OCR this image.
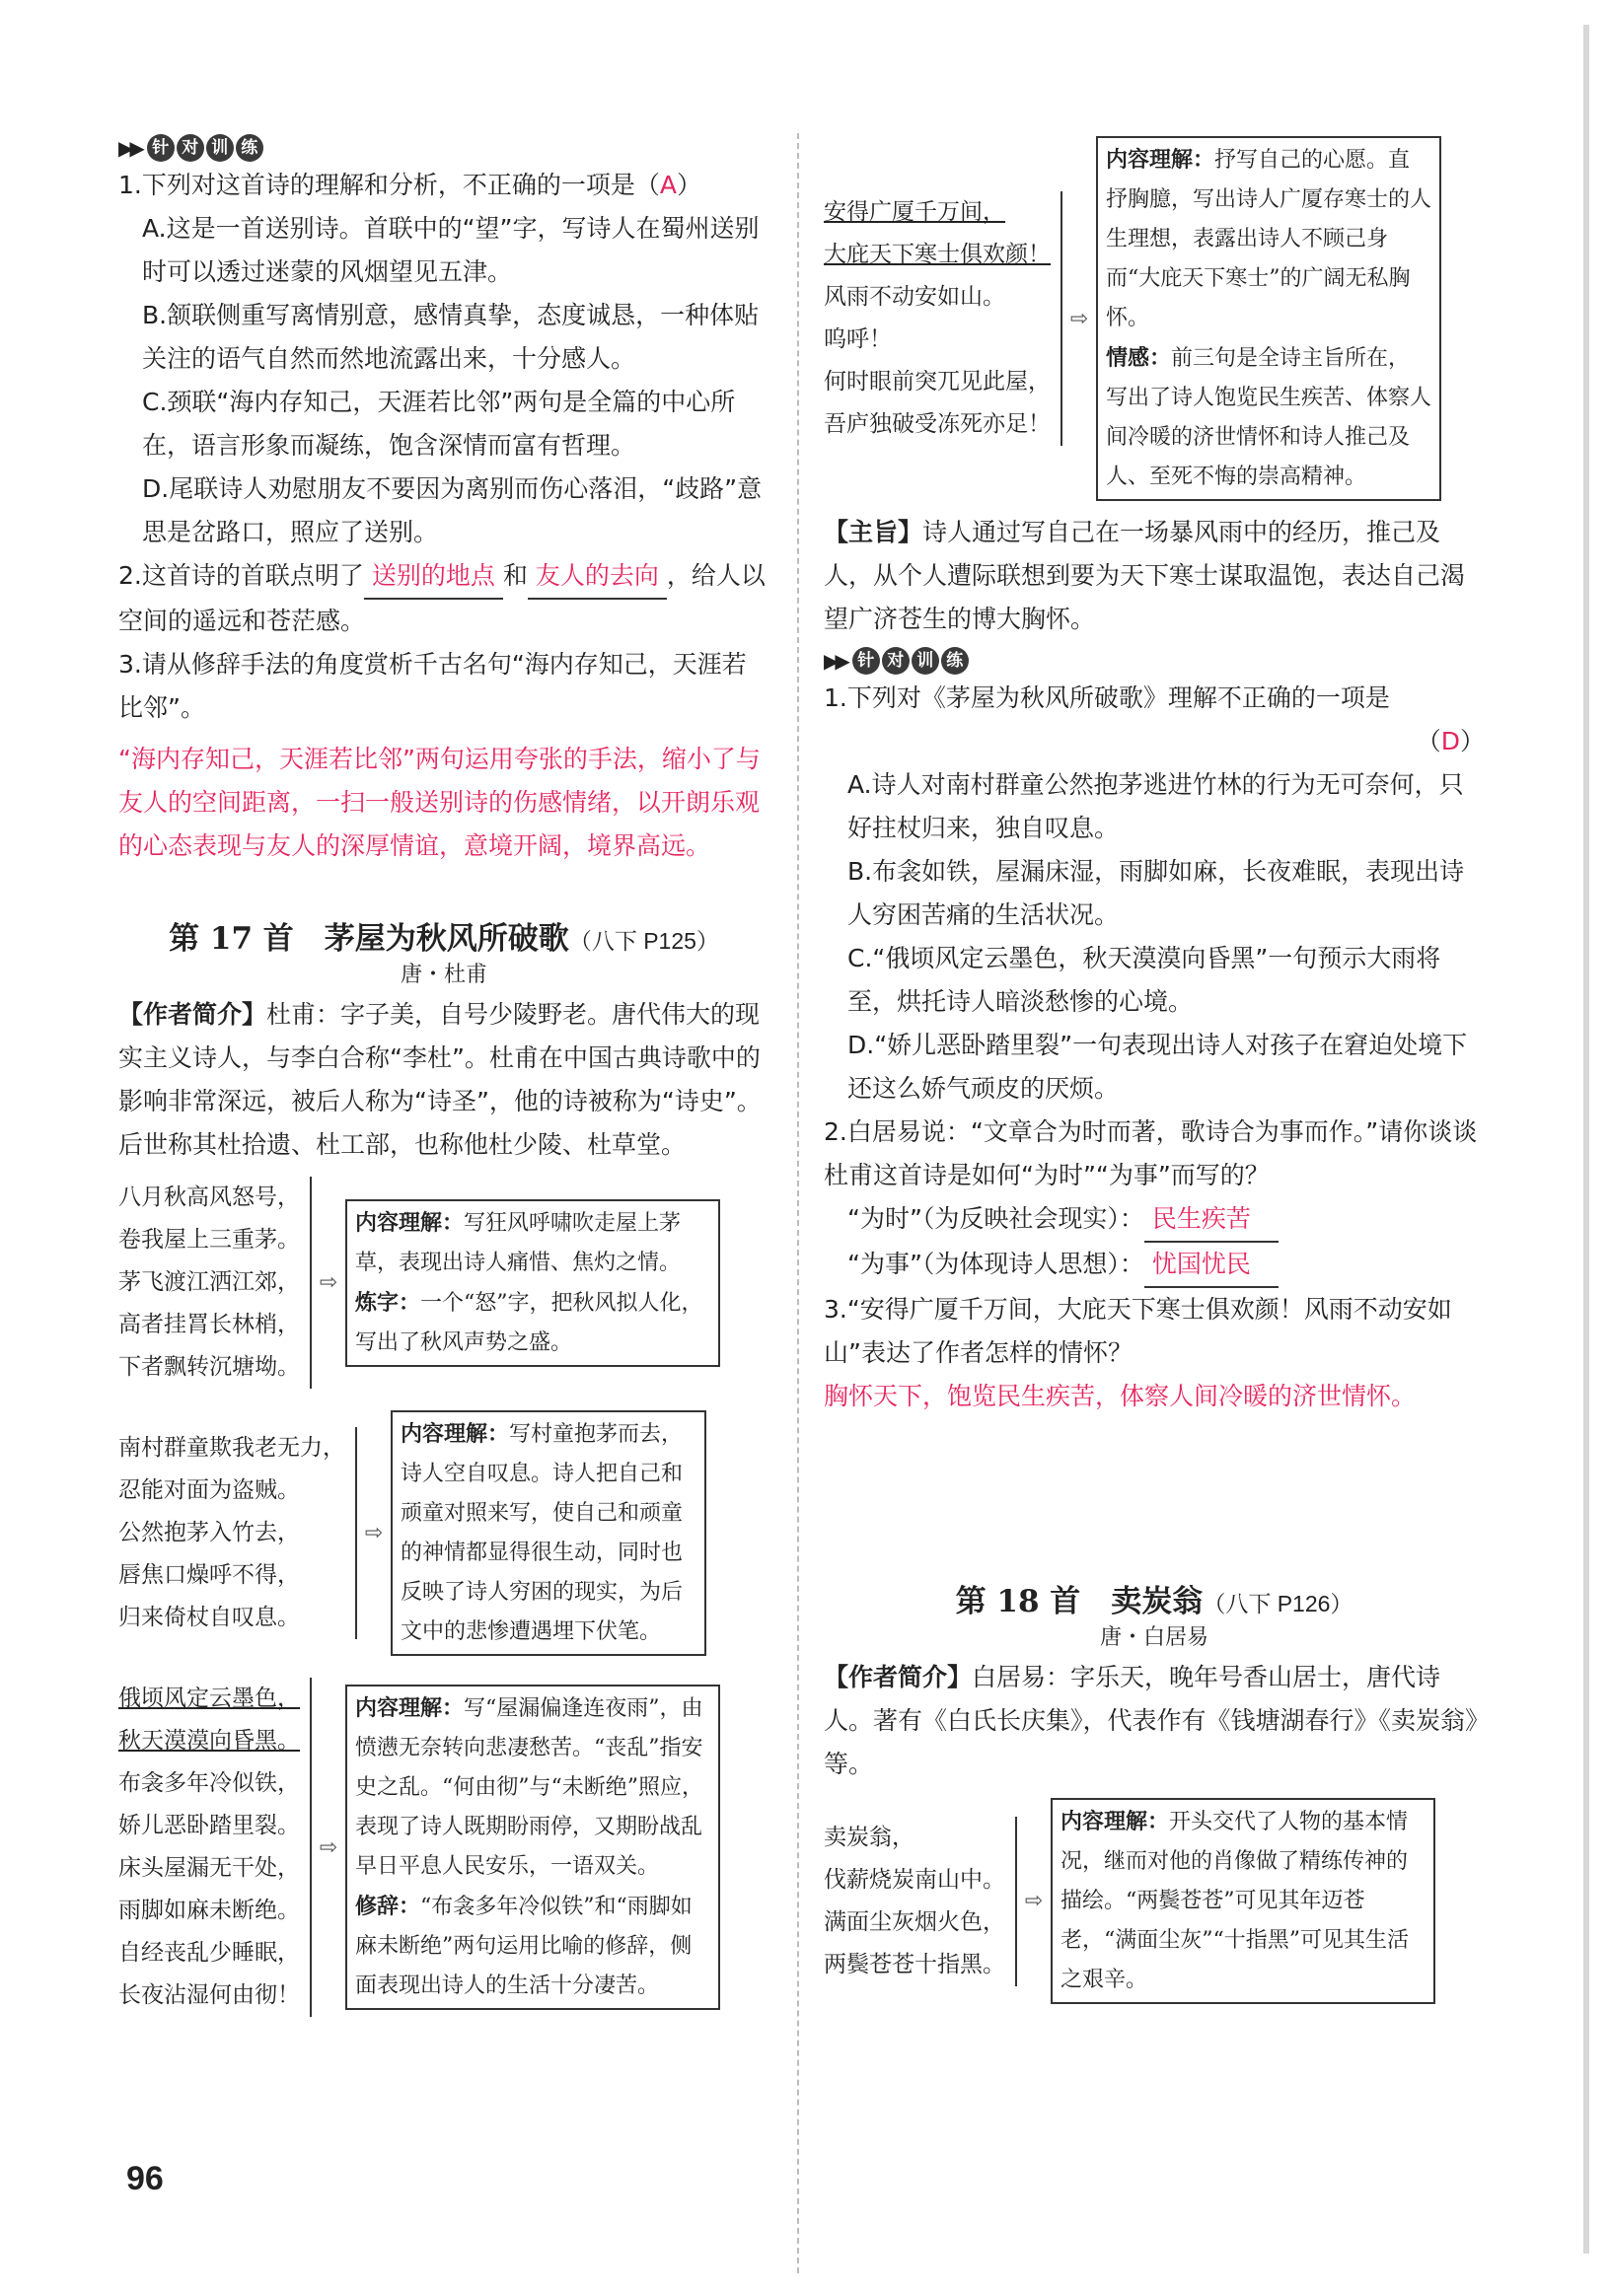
▶▶ 针 对 训 练

1.下列对这首诗的理解和分析，不正确的一项是（A）

A.这是一首送别诗。首联中的“望”字，写诗人在蜀州送别时可以透过迷蒙的风烟望见五津。

B.颔联侧重写离情别意，感情真挚，态度诚恳，一种体贴关注的语气自然而然地流露出来，十分感人。

C.颈联“海内存知己，天涯若比邻”两句是全篇的中心所在，语言形象而凝练，饱含深情而富有哲理。

D.尾联诗人劝慰朋友不要因为离别而伤心落泪，“歧路”意思是岔路口，照应了送别。

2.这首诗的首联点明了 送别的地点 和 友人的去向 ，给人以空间的遥远和苍茫感。

3.请从修辞手法的角度赏析千古名句“海内存知己，天涯若比邻”。

“海内存知己，天涯若比邻”两句运用夸张的手法，缩小了与友人的空间距离，一扫一般送别诗的伤感情绪，以开朗乐观的心态表现与友人的深厚情谊，意境开阔，境界高远。

第 17 首　茅屋为秋风所破歌（八下 P125）

唐・杜甫

【作者简介】杜甫：字子美，自号少陵野老。唐代伟大的现实主义诗人，与李白合称“李杜”。杜甫在中国古典诗歌中的影响非常深远，被后人称为“诗圣”，他的诗被称为“诗史”。后世称其杜拾遗、杜工部，也称他杜少陵、杜草堂。

八月秋高风怒号，
卷我屋上三重茅。
茅飞渡江洒江郊，
高者挂罥长林梢，
下者飘转沉塘坳。
⇨
内容理解：写狂风呼啸吹走屋上茅草，表现出诗人痛惜、焦灼之情。
炼字：一个“怒”字，把秋风拟人化，写出了秋风声势之盛。
南村群童欺我老无力，
忍能对面为盗贼。
公然抱茅入竹去，
唇焦口燥呼不得，
归来倚杖自叹息。
⇨
内容理解：写村童抱茅而去，诗人空自叹息。诗人把自己和顽童对照来写，使自己和顽童的神情都显得很生动，同时也反映了诗人穷困的现实，为后文中的悲惨遭遇埋下伏笔。
俄顷风定云墨色，
秋天漠漠向昏黑。
布衾多年冷似铁，
娇儿恶卧踏里裂。
床头屋漏无干处，
雨脚如麻未断绝。
自经丧乱少睡眠，
长夜沾湿何由彻！
⇨
内容理解：写“屋漏偏逢连夜雨”，由愤懑无奈转向悲凄愁苦。“丧乱”指安史之乱。“何由彻”与“未断绝”照应，表现了诗人既期盼雨停，又期盼战乱早日平息人民安乐，一语双关。
修辞：“布衾多年冷似铁”和“雨脚如麻未断绝”两句运用比喻的修辞，侧面表现出诗人的生活十分凄苦。
安得广厦千万间，
大庇天下寒士俱欢颜！
风雨不动安如山。
呜呼！
何时眼前突兀见此屋，
吾庐独破受冻死亦足！
⇨
内容理解：抒写自己的心愿。直抒胸臆，写出诗人广厦存寒士的人生理想，表露出诗人不顾己身而“大庇天下寒士”的广阔无私胸怀。
情感：前三句是全诗主旨所在，写出了诗人饱览民生疾苦、体察人间冷暖的济世情怀和诗人推己及人、至死不悔的崇高精神。

【主旨】诗人通过写自己在一场暴风雨中的经历，推己及人，从个人遭际联想到要为天下寒士谋取温饱，表达自己渴望广济苍生的博大胸怀。

▶▶ 针 对 训 练

1.下列对《茅屋为秋风所破歌》理解不正确的一项是

（D）

A.诗人对南村群童公然抱茅逃进竹林的行为无可奈何，只好拄杖归来，独自叹息。

B.布衾如铁，屋漏床湿，雨脚如麻，长夜难眠，表现出诗人穷困苦痛的生活状况。

C.“俄顷风定云墨色，秋天漠漠向昏黑”一句预示大雨将至，烘托诗人暗淡愁惨的心境。

D.“娇儿恶卧踏里裂”一句表现出诗人对孩子在窘迫处境下还这么娇气顽皮的厌烦。

2.白居易说：“文章合为时而著，歌诗合为事而作。”请你谈谈杜甫这首诗是如何“为时”“为事”而写的？

“为时”（为反映社会现实）： 民生疾苦

“为事”（为体现诗人思想）： 忧国忧民

3.“安得广厦千万间，大庇天下寒士俱欢颜！风雨不动安如山”表达了作者怎样的情怀？

胸怀天下，饱览民生疾苦，体察人间冷暖的济世情怀。

第 18 首　卖炭翁（八下 P126）

唐・白居易

【作者简介】白居易：字乐天，晚年号香山居士，唐代诗人。著有《白氏长庆集》，代表作有《钱塘湖春行》《卖炭翁》等。

卖炭翁，
伐薪烧炭南山中。
满面尘灰烟火色，
两鬓苍苍十指黑。
⇨
内容理解：开头交代了人物的基本情况，继而对他的肖像做了精练传神的描绘。“两鬓苍苍”可见其年迈苍老，“满面尘灰”“十指黑”可见其生活之艰辛。
96
